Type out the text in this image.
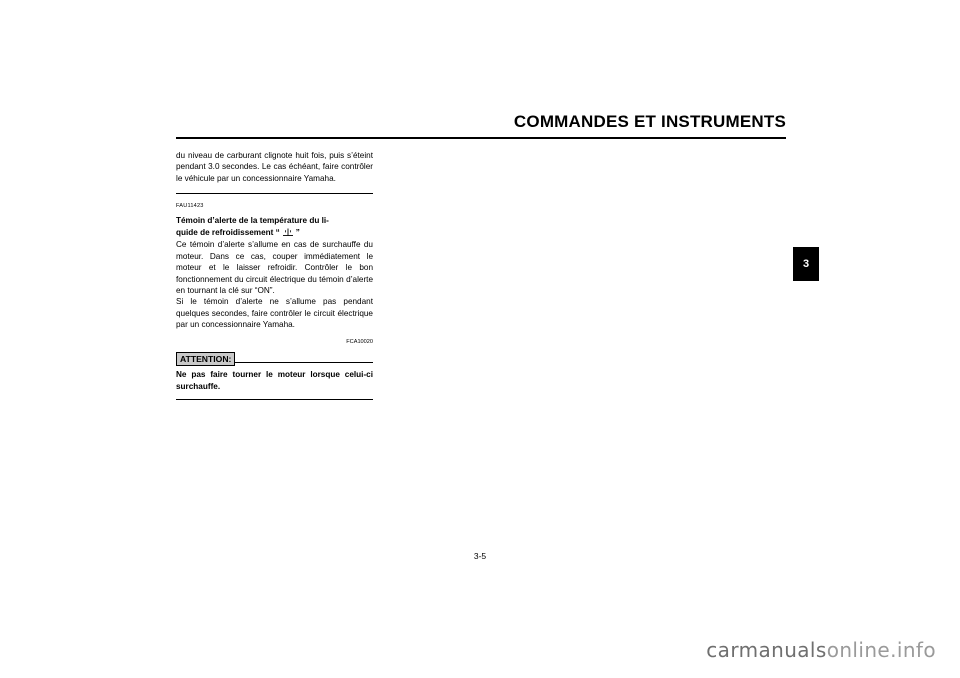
COMMANDES ET INSTRUMENTS
3

du niveau de carburant clignote huit fois, puis s’éteint pendant 3.0 secondes. Le cas échéant, faire contrôler le véhicule par un concessionnaire Yamaha.

FAU11423
Témoin d’alerte de la température du li-
quide de refroidissement “ ”

Ce témoin d’alerte s’allume en cas de surchauffe du moteur. Dans ce cas, couper immédiatement le moteur et le laisser refroidir. Contrôler le bon fonctionnement du circuit électrique du témoin d’alerte en tournant la clé sur “ON”.

Si le témoin d’alerte ne s’allume pas pendant quelques secondes, faire contrôler le circuit électrique par un concessionnaire Yamaha.

FCA10020
ATTENTION:

Ne pas faire tourner le moteur lorsque celui-ci surchauffe.

3-5
carmanualsonline.info
